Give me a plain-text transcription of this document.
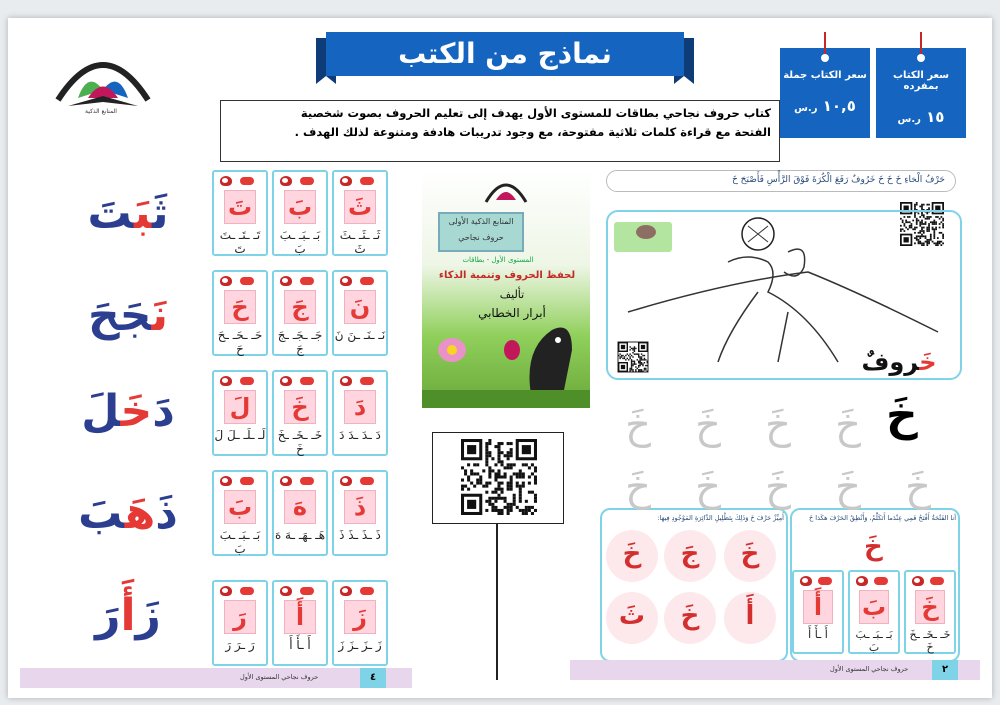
المنابع الذكية
نماذج من الكتب
سعر الكتاب بمفرده
١٥ ر.س
سعر الكتاب جملة
١٠,٥ ر.س
كتاب حروف نجاحي بطاقات للمستوى الأول يهدف إلى تعليم الحروف بصوت شخصية
الفتحة مع قراءة كلمات ثلاثية مفتوحة، مع وجود تدريبات هادفة ومتنوعة لذلك الهدف .
٤
حروف نجاحي المستوى الأول
المنابع الذكية الأولى
حروف نجاحي
المستوى الأول - بطاقات
لحفظ الحروف وتنمية الذكاء
تأليف
أبرار الخطابي
حَرْفُ الْخاءِ خَ خَ خَ خَرُوفٌ رَفَعَ الْكُرَةَ فَوْقَ الرَّأْسِ فَأَصْبَحَ خَ
خَروفٌ
خَ
أَمِيِّزْ حَرْفَ خَ وَذَلِكَ بِتَظْلِيلِ الدَّائِرَةِ المَوْجُودِ فِيهَا:	أنا الفَتْحَةُ أَفْتَحُ فَمِي عِنْدَما أَتَكَلَّمُ، وَأَنْطِقُ الحَرْفَ هكَذا خَ
خَ
٢
حروف نجاحي المستوى الأول
ثَبَتَ
نَجَحَ
دَخَلَ
ذَهَبَ
زَأَرَ
ثَ
ثَـ ـثَـ ـثَ ثَ
بَ
بَـ ـبَـ ـبَ بَ
تَ
تَـ ـتَـ ـتَ تَ
نَ
نَـ ـنَـ ـنَ نَ
جَ
جَـ ـجَـ ـجَ جَ
حَ
حَـ ـحَـ ـحَ حَ
دَ
دَ ـدَ ـدَ دَ
خَ
خَـ ـخَـ ـخَ خَ
لَ
لَـ ـلَـ ـلَ لَ
ذَ
ذَ ـذَ ـذَ ذَ
هَ
هَـ ـهَـ ـهَ هَ
بَ
بَـ ـبَـ ـبَ بَ
زَ
زَ ـزَ ـزَ زَ
أَ
أَ ـأَ أَ
رَ
رَ ـرَ رَ
خَ	خَ	خَ	خَ
خَ	خَ	خَ	خَ	خَ
خَ
جَ
خَ
أَ
خَ
ثَ	خَ
خَـ ـخَـ ـخَ خَ
بَ
بَـ ـبَـ ـبَ بَ
أَ
أَ ـأَ أَ
